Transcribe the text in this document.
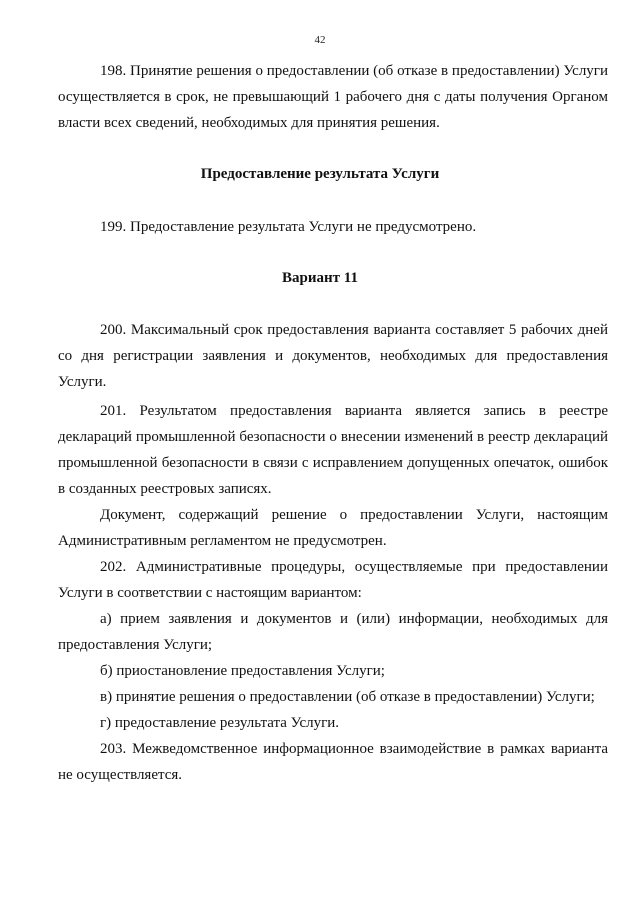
42
198. Принятие решения о предоставлении (об отказе в предоставлении) Услуги осуществляется в срок, не превышающий 1 рабочего дня с даты получения Органом власти всех сведений, необходимых для принятия решения.
Предоставление результата Услуги
199. Предоставление результата Услуги не предусмотрено.
Вариант 11
200. Максимальный срок предоставления варианта составляет 5 рабочих дней со дня регистрации заявления и документов, необходимых для предоставления Услуги.
201. Результатом предоставления варианта является запись в реестре деклараций промышленной безопасности о внесении изменений в реестр деклараций промышленной безопасности в связи с исправлением допущенных опечаток, ошибок в созданных реестровых записях.
Документ, содержащий решение о предоставлении Услуги, настоящим Административным регламентом не предусмотрен.
202. Административные процедуры, осуществляемые при предоставлении Услуги в соответствии с настоящим вариантом:
а) прием заявления и документов и (или) информации, необходимых для предоставления Услуги;
б) приостановление предоставления Услуги;
в) принятие решения о предоставлении (об отказе в предоставлении) Услуги;
г) предоставление результата Услуги.
203. Межведомственное информационное взаимодействие в рамках варианта не осуществляется.
